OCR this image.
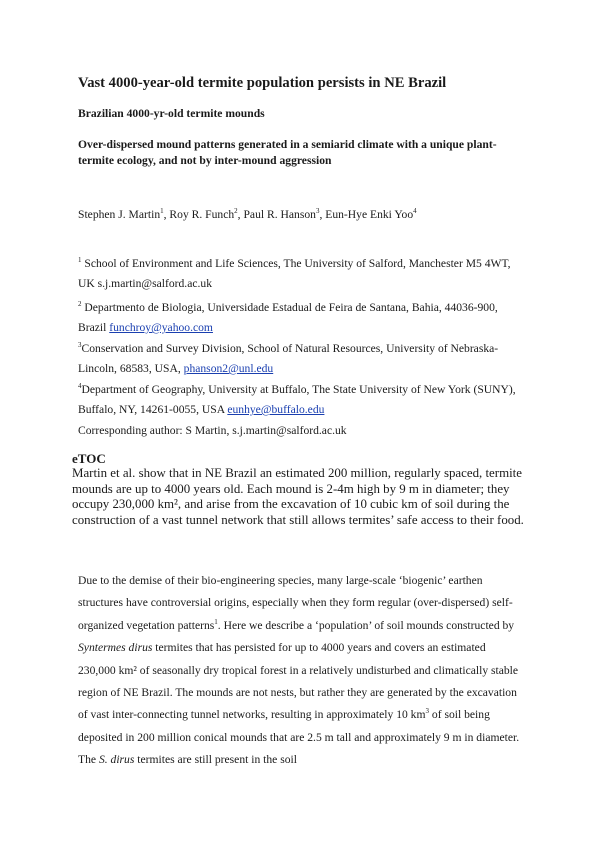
Vast 4000-year-old termite population persists in NE Brazil
Brazilian 4000-yr-old termite mounds
Over-dispersed mound patterns generated in a semiarid climate with a unique plant-termite ecology, and not by inter-mound aggression
Stephen J. Martin$^1$, Roy R. Funch$^2$, Paul R. Hanson$^3$, Eun-Hye Enki Yoo$^4$
$^1$ School of Environment and Life Sciences, The University of Salford, Manchester M5 4WT, UK s.j.martin@salford.ac.uk
$^2$ Departmento de Biologia, Universidade Estadual de Feira de Santana, Bahia, 44036-900, Brazil funchroy@yahoo.com
$^3$Conservation and Survey Division, School of Natural Resources, University of Nebraska-Lincoln, 68583, USA, phanson2@unl.edu
$^4$Department of Geography, University at Buffalo, The State University of New York (SUNY), Buffalo, NY, 14261-0055, USA eunhye@buffalo.edu
Corresponding author: S Martin, s.j.martin@salford.ac.uk
eTOC
Martin et al. show that in NE Brazil an estimated 200 million, regularly spaced, termite mounds are up to 4000 years old. Each mound is 2-4m high by 9 m in diameter; they occupy 230,000 km², and arise from the excavation of 10 cubic km of soil during the construction of a vast tunnel network that still allows termites’ safe access to their food.
Due to the demise of their bio-engineering species, many large-scale ‘biogenic’ earthen structures have controversial origins, especially when they form regular (over-dispersed) self-organized vegetation patterns$^1$. Here we describe a ‘population’ of soil mounds constructed by Syntermes dirus termites that has persisted for up to 4000 years and covers an estimated 230,000 km² of seasonally dry tropical forest in a relatively undisturbed and climatically stable region of NE Brazil. The mounds are not nests, but rather they are generated by the excavation of vast inter-connecting tunnel networks, resulting in approximately 10 $km^3$ of soil being deposited in 200 million conical mounds that are 2.5 m tall and approximately 9 m in diameter. The S. dirus termites are still present in the soil
